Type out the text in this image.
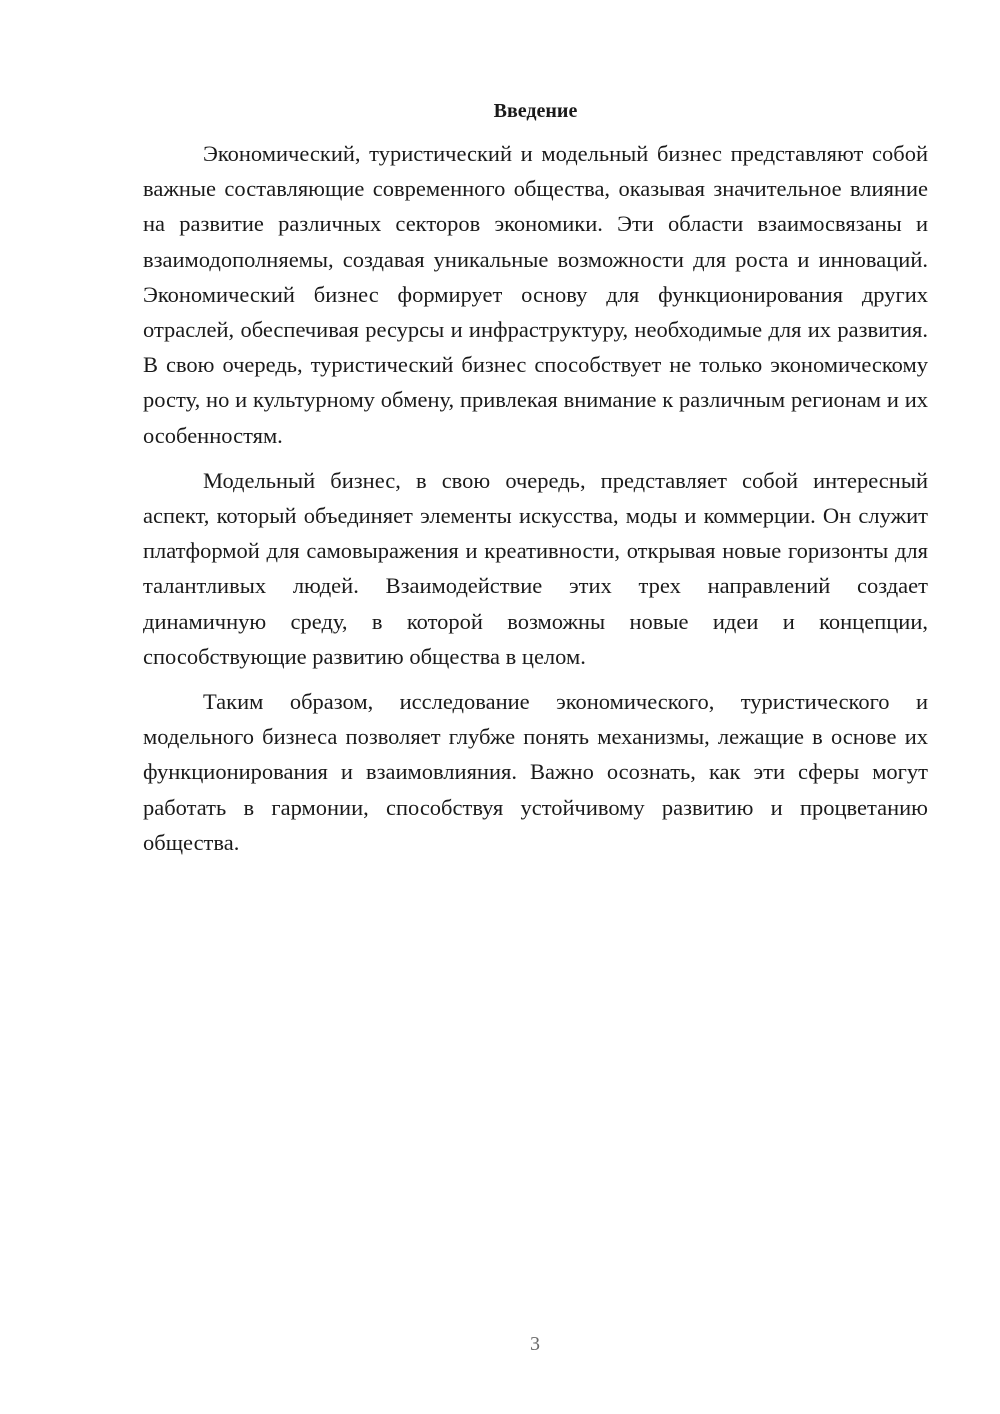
Введение

Экономический, туристический и модельный бизнес представляют собой важные составляющие современного общества, оказывая значительное влияние на развитие различных секторов экономики. Эти области взаимосвязаны и взаимодополняемы, создавая уникальные возможности для роста и инноваций. Экономический бизнес формирует основу для функционирования других отраслей, обеспечивая ресурсы и инфраструктуру, необходимые для их развития. В свою очередь, туристический бизнес способствует не только экономическому росту, но и культурному обмену, привлекая внимание к различным регионам и их особенностям.

Модельный бизнес, в свою очередь, представляет собой интересный аспект, который объединяет элементы искусства, моды и коммерции. Он служит платформой для самовыражения и креативности, открывая новые горизонты для талантливых людей. Взаимодействие этих трех направлений создает динамичную среду, в которой возможны новые идеи и концепции, способствующие развитию общества в целом.

Таким образом, исследование экономического, туристического и модельного бизнеса позволяет глубже понять механизмы, лежащие в основе их функционирования и взаимовлияния. Важно осознать, как эти сферы могут работать в гармонии, способствуя устойчивому развитию и процветанию общества.

3
